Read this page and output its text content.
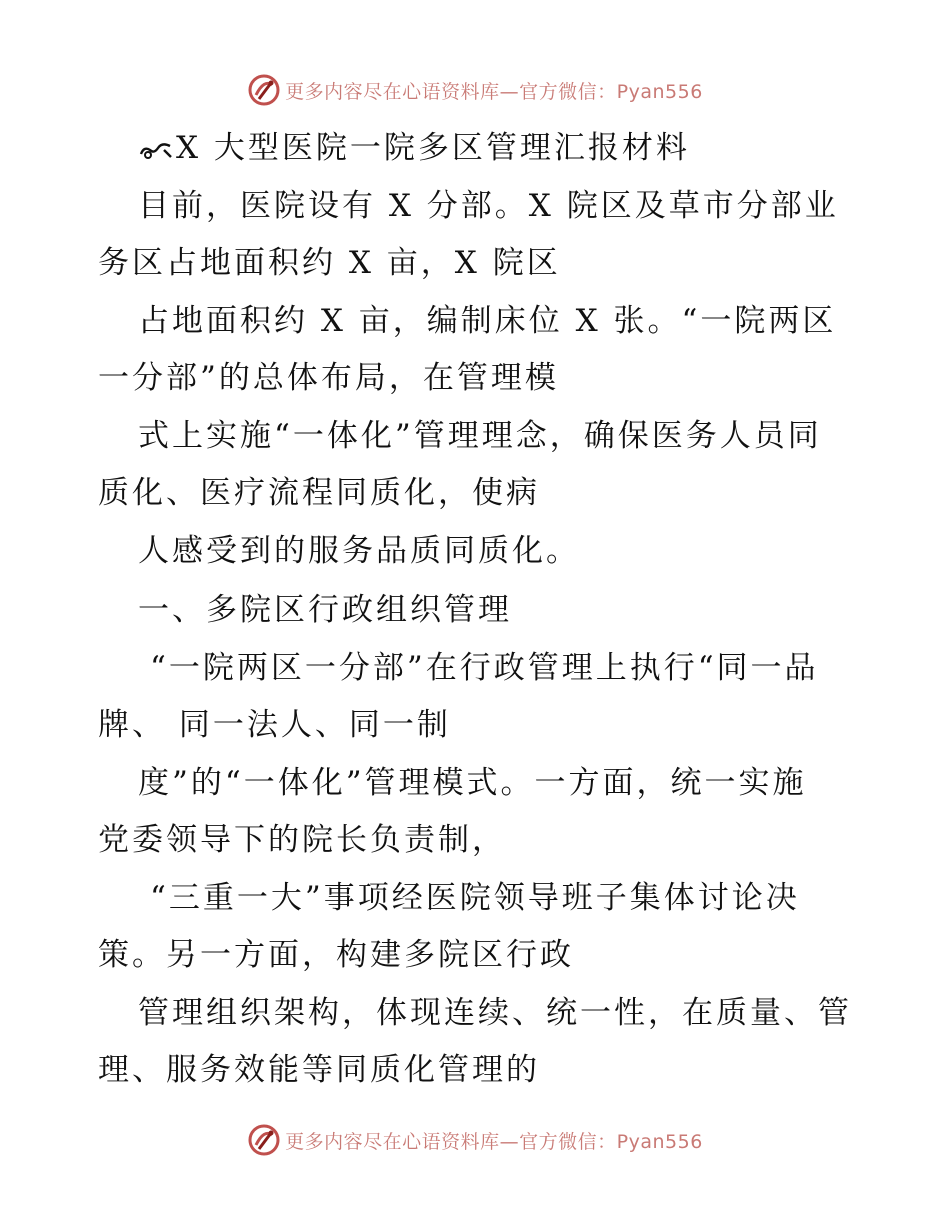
更多内容尽在心语资料库—官方微信：Pyan556
X 大型医院一院多区管理汇报材料
目前，医院设有 X 分部。X 院区及草市分部业
务区占地面积约 X 亩，X 院区
占地面积约 X 亩，编制床位 X 张。“一院两区
一分部”的总体布局，在管理模
式上实施“一体化”管理理念，确保医务人员同
质化、医疗流程同质化，使病
人感受到的服务品质同质化。
一、多院区行政组织管理
“一院两区一分部”在行政管理上执行“同一品
牌、 同一法人、同一制
度”的“一体化”管理模式。一方面，统一实施
党委领导下的院长负责制，
“三重一大”事项经医院领导班子集体讨论决
策。另一方面，构建多院区行政
管理组织架构，体现连续、统一性，在质量、管
理、服务效能等同质化管理的
更多内容尽在心语资料库—官方微信：Pyan556
